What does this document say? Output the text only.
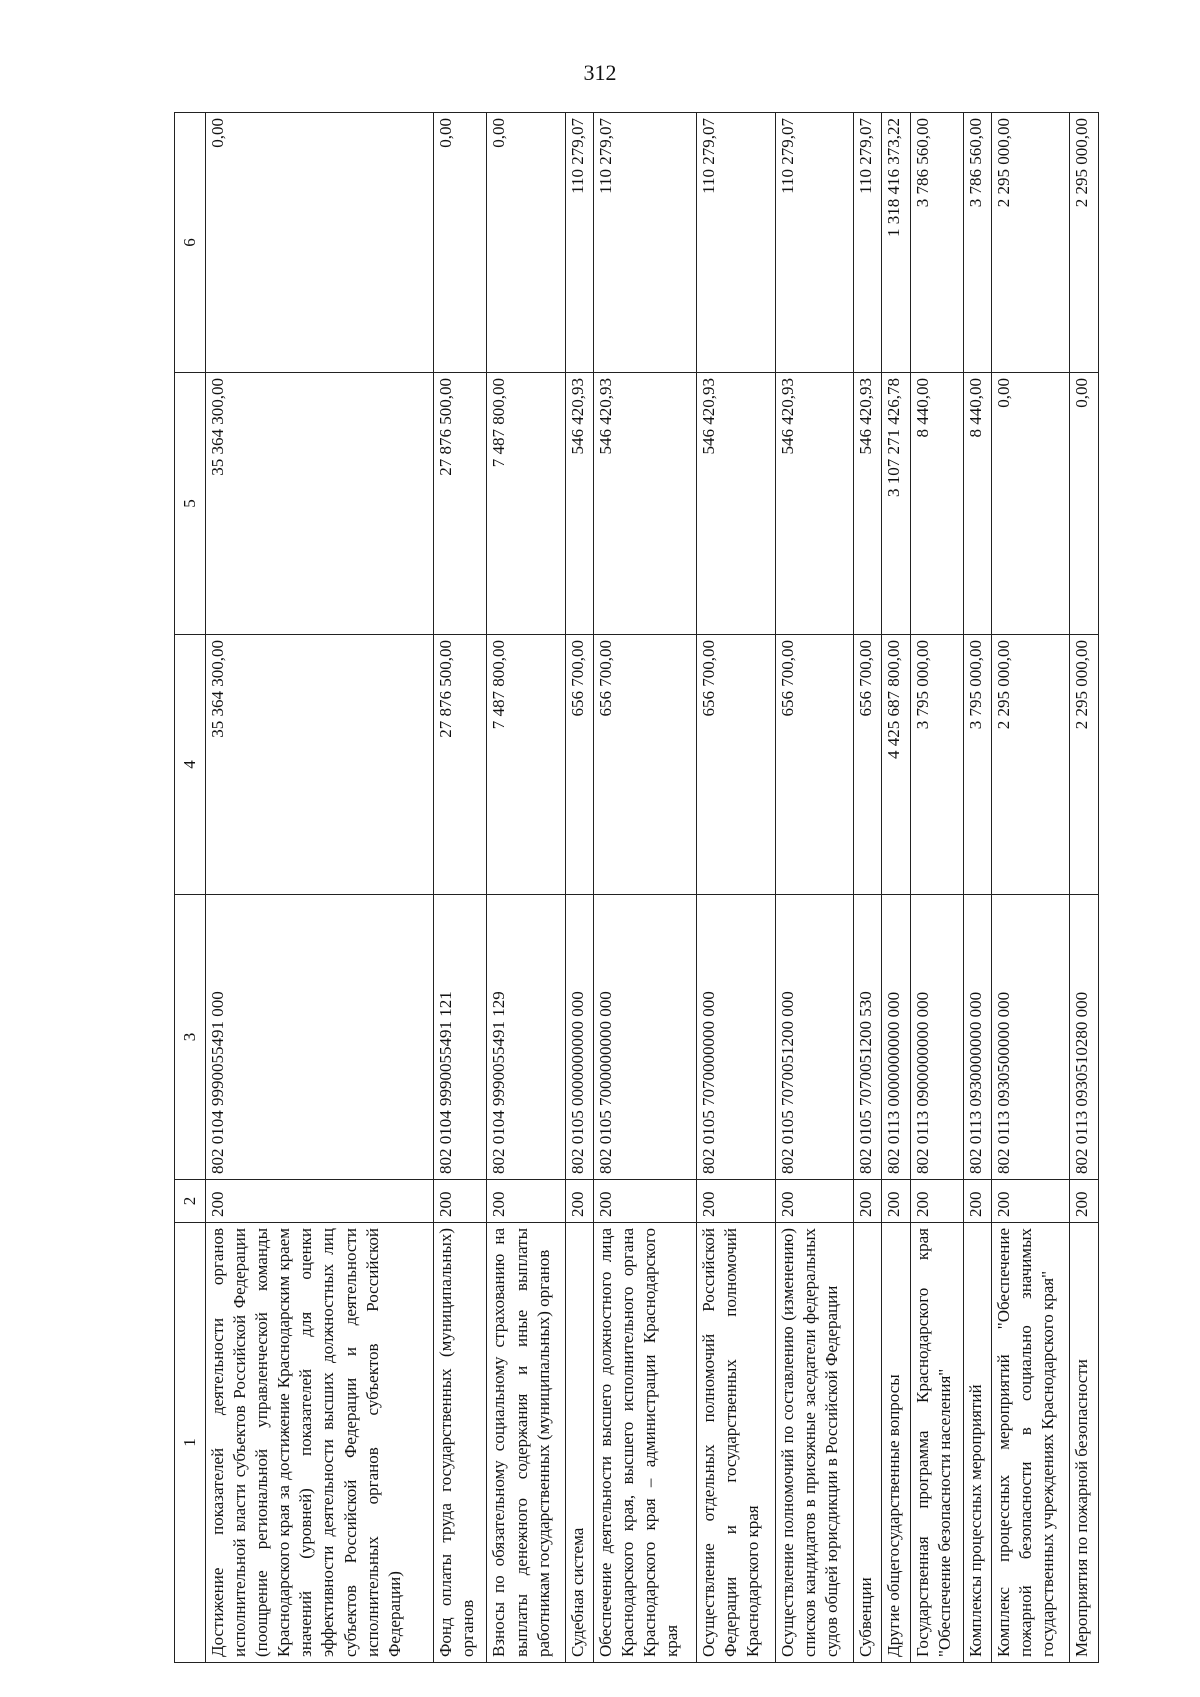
312
1	2	3	4	5	6
Достижение показателей деятельности органов исполнительной власти субъектов Российской Федерации (поощрение региональной управленческой команды Краснодарского края за достижение Краснодарским краем значений (уровней) показателей для оценки эффективности деятельности высших должностных лиц субъектов Российской Федерации и деятельности исполнительных органов субъектов Российской Федерации)	200	802 0104 9990055491 000	35 364 300,00	35 364 300,00	0,00
Фонд оплаты труда государственных (муниципальных) органов	200	802 0104 9990055491 121	27 876 500,00	27 876 500,00	0,00
Взносы по обязательному социальному страхованию на выплаты денежного содержания и иные выплаты работникам государственных (муниципальных) органов	200	802 0104 9990055491 129	7 487 800,00	7 487 800,00	0,00
Судебная система	200	802 0105 0000000000 000	656 700,00	546 420,93	110 279,07
Обеспечение деятельности высшего должностного лица Краснодарского края, высшего исполнительного органа Краснодарского края – администрации Краснодарского края	200	802 0105 7000000000 000	656 700,00	546 420,93	110 279,07
Осуществление отдельных полномочий Российской Федерации и государственных полномочий Краснодарского края	200	802 0105 7070000000 000	656 700,00	546 420,93	110 279,07
Осуществление полномочий по составлению (изменению) списков кандидатов в присяжные заседатели федеральных судов общей юрисдикции в Российской Федерации	200	802 0105 7070051200 000	656 700,00	546 420,93	110 279,07
Субвенции	200	802 0105 7070051200 530	656 700,00	546 420,93	110 279,07
Другие общегосударственные вопросы	200	802 0113 0000000000 000	4 425 687 800,00	3 107 271 426,78	1 318 416 373,22
Государственная программа Краснодарского края "Обеспечение безопасности населения"	200	802 0113 0900000000 000	3 795 000,00	8 440,00	3 786 560,00
Комплексы процессных мероприятий	200	802 0113 0930000000 000	3 795 000,00	8 440,00	3 786 560,00
Комплекс процессных мероприятий "Обеспечение пожарной безопасности в социально значимых государственных учреждениях Краснодарского края"	200	802 0113 0930500000 000	2 295 000,00	0,00	2 295 000,00
Мероприятия по пожарной безопасности	200	802 0113 0930510280 000	2 295 000,00	0,00	2 295 000,00
